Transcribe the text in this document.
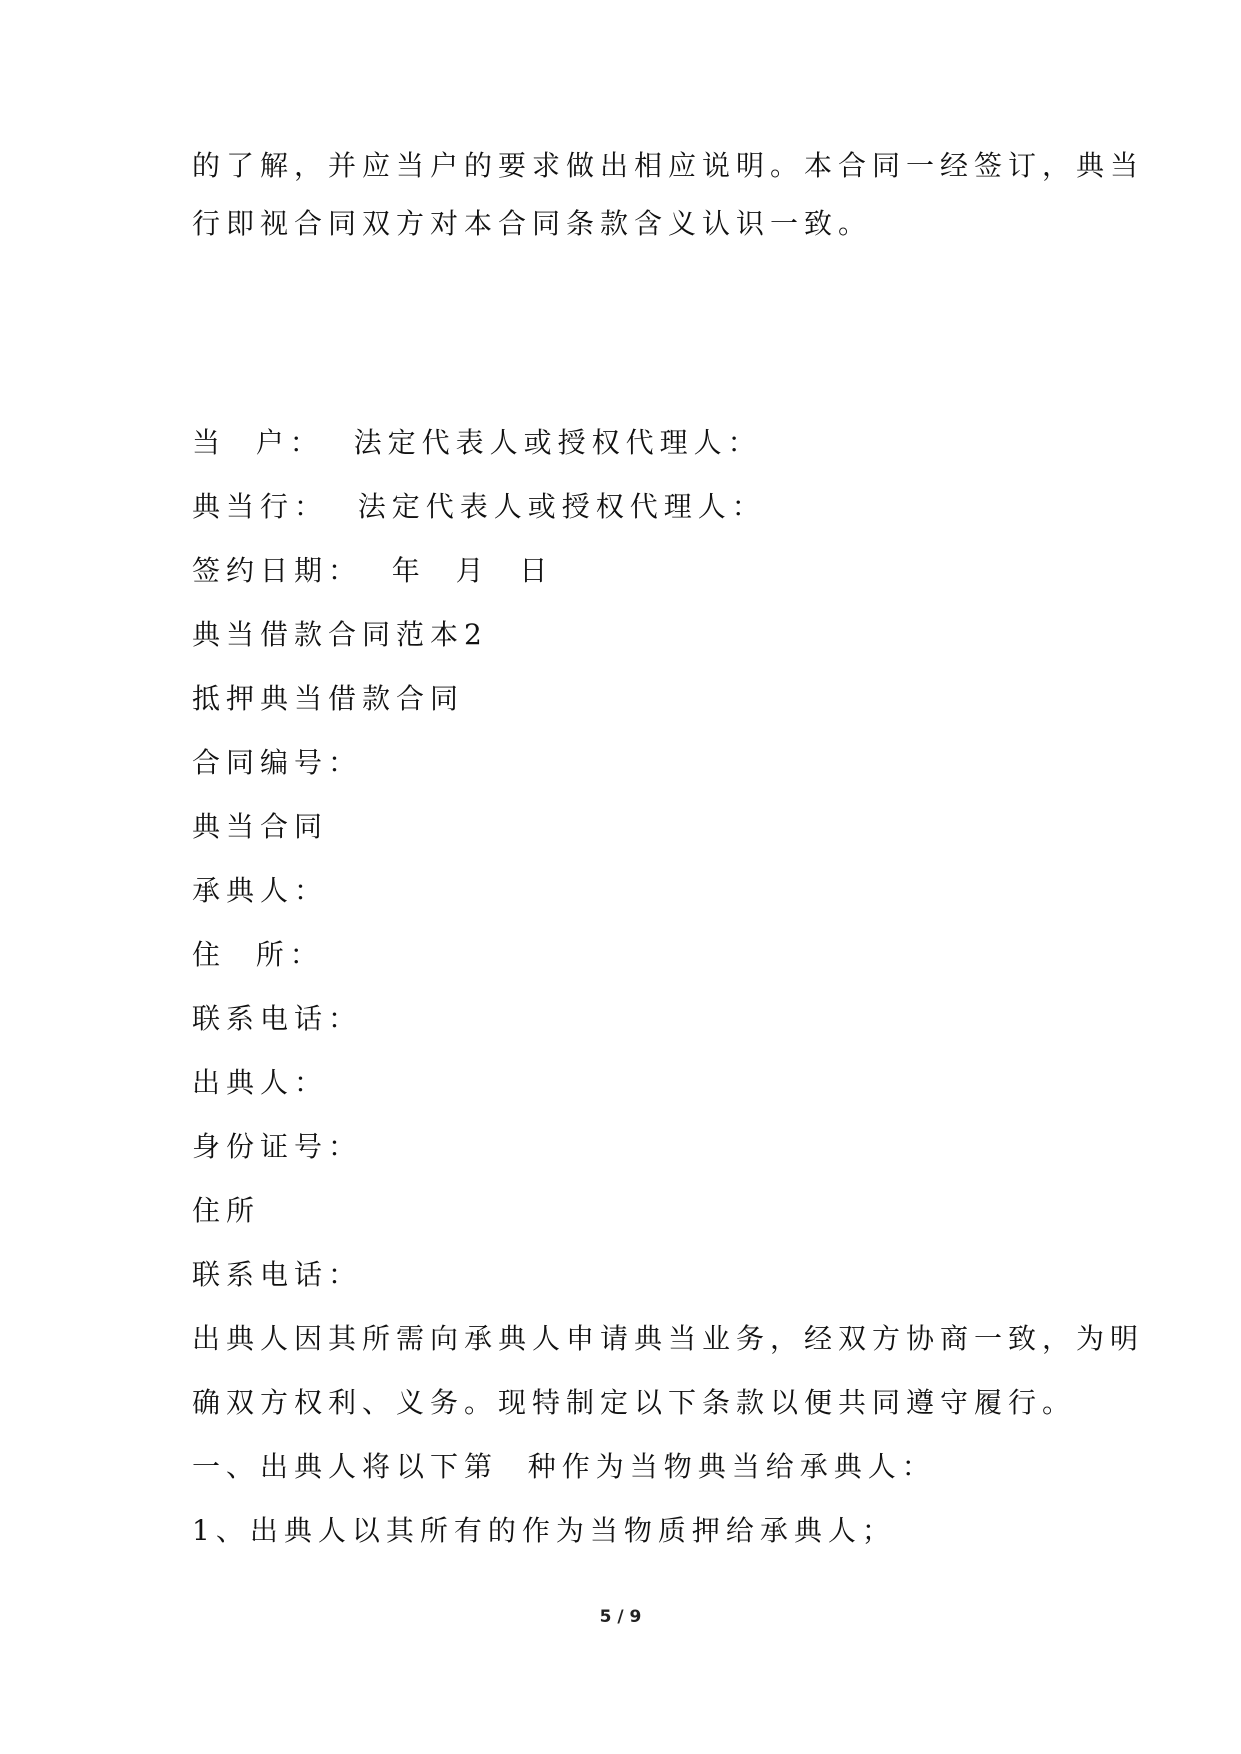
的了解，并应当户的要求做出相应说明。本合同一经签订，典当
行即视合同双方对本合同条款含义认识一致。
当  户：  法定代表人或授权代理人：
典当行：  法定代表人或授权代理人：
签约日期：  年  月  日
典当借款合同范本2
抵押典当借款合同
合同编号：
典当合同
承典人：
住  所：
联系电话：
出典人：
身份证号：
住所
联系电话：
出典人因其所需向承典人申请典当业务，经双方协商一致，为明
确双方权利、义务。现特制定以下条款以便共同遵守履行。
一、出典人将以下第  种作为当物典当给承典人：
1、出典人以其所有的作为当物质押给承典人；
5 / 9
